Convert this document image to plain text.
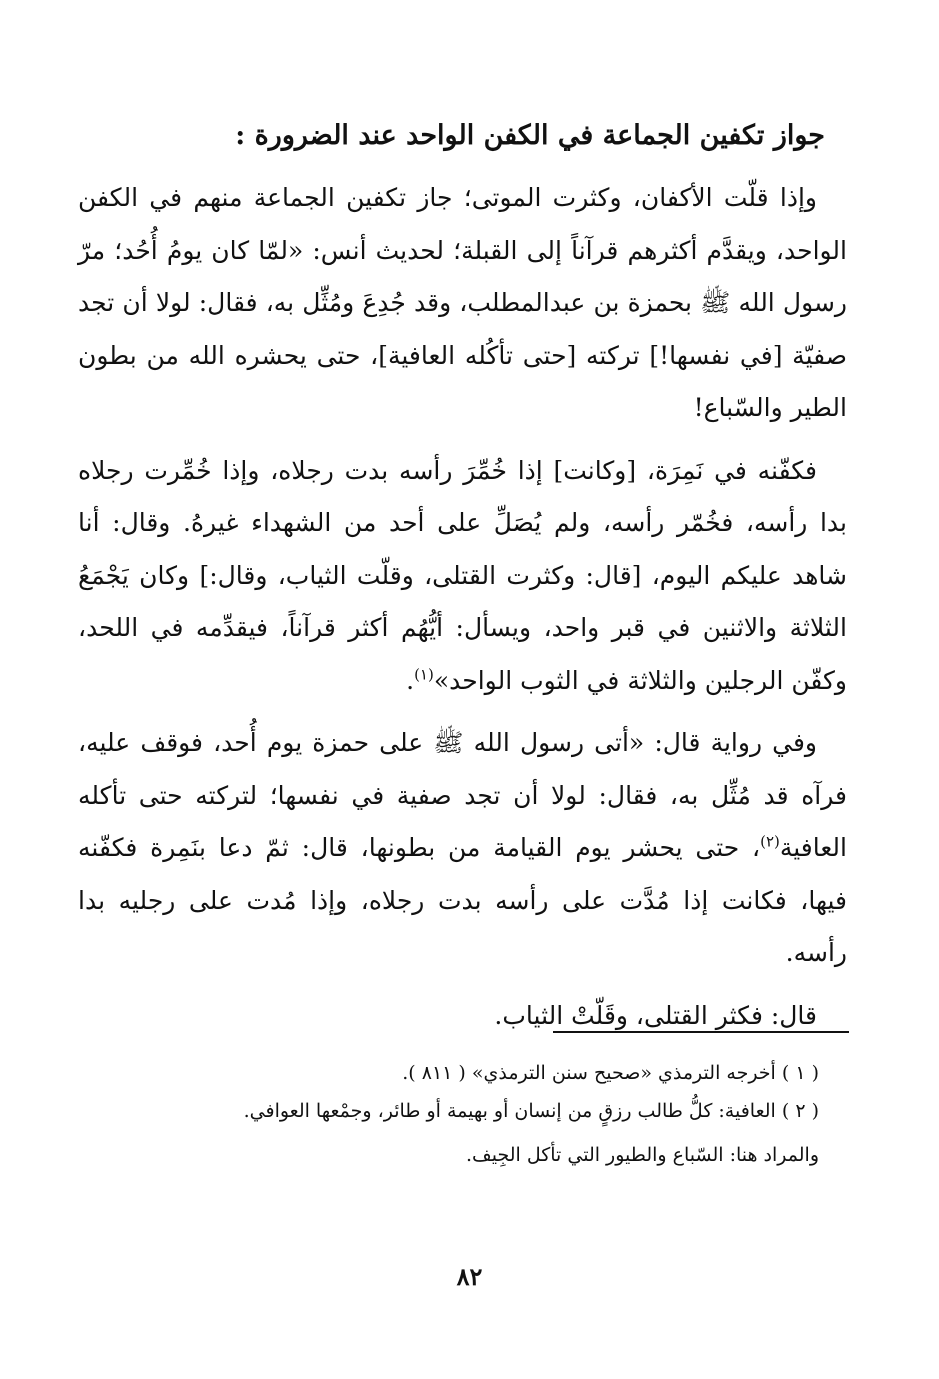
جواز تكفين الجماعة في الكفن الواحد عند الضرورة :

وإذا قلّت الأكفان، وكثرت الموتى؛ جاز تكفين الجماعة منهم في الكفن الواحد، ويقدَّم أكثرهم قرآناً إلى القبلة؛ لحديث أنس: «لمّا كان يومُ أُحُد؛ مرّ رسول الله ﷺ بحمزة بن عبدالمطلب، وقد جُدِعَ ومُثِّل به، فقال: لولا أن تجد صفيّة [في نفسها!] تركته [حتى تأكُله العافية]، حتى يحشره الله من بطون الطير والسّباع!

فكفّنه في نَمِرَة، [وكانت] إذا خُمِّرَ رأسه بدت رجلاه، وإذا خُمِّرت رجلاه بدا رأسه، فخُمّر رأسه، ولم يُصَلِّ على أحد من الشهداء غيرهُ. وقال: أنا شاهد عليكم اليوم، [قال: وكثرت القتلى، وقلّت الثياب، وقال:] وكان يَجْمَعُ الثلاثة والاثنين في قبر واحد، ويسأل: أيُّهُم أكثر قرآناً، فيقدِّمه في اللحد، وكفّن الرجلين والثلاثة في الثوب الواحد»$^{(١)}$.

وفي رواية قال: «أتى رسول الله ﷺ على حمزة يوم أُحد، فوقف عليه، فرآه قد مُثِّل به، فقال: لولا أن تجد صفية في نفسها؛ لتركته حتى تأكله العافية$^{(٢)}$، حتى يحشر يوم القيامة من بطونها، قال: ثمّ دعا بنَمِرة فكفّنه فيها، فكانت إذا مُدَّت على رأسه بدت رجلاه، وإذا مُدت على رجليه بدا رأسه.

قال: فكثر القتلى، وقَلّتْ الثياب.

( ١ ) أخرجه الترمذي «صحيح سنن الترمذي» ( ٨١١ ).

( ٢ ) العافية: كلُّ طالب رزقٍ من إنسان أو بهيمة أو طائر، وجمْعها العوافي.

والمراد هنا: السّباع والطيور التي تأكل الجِيف.

٨٢
